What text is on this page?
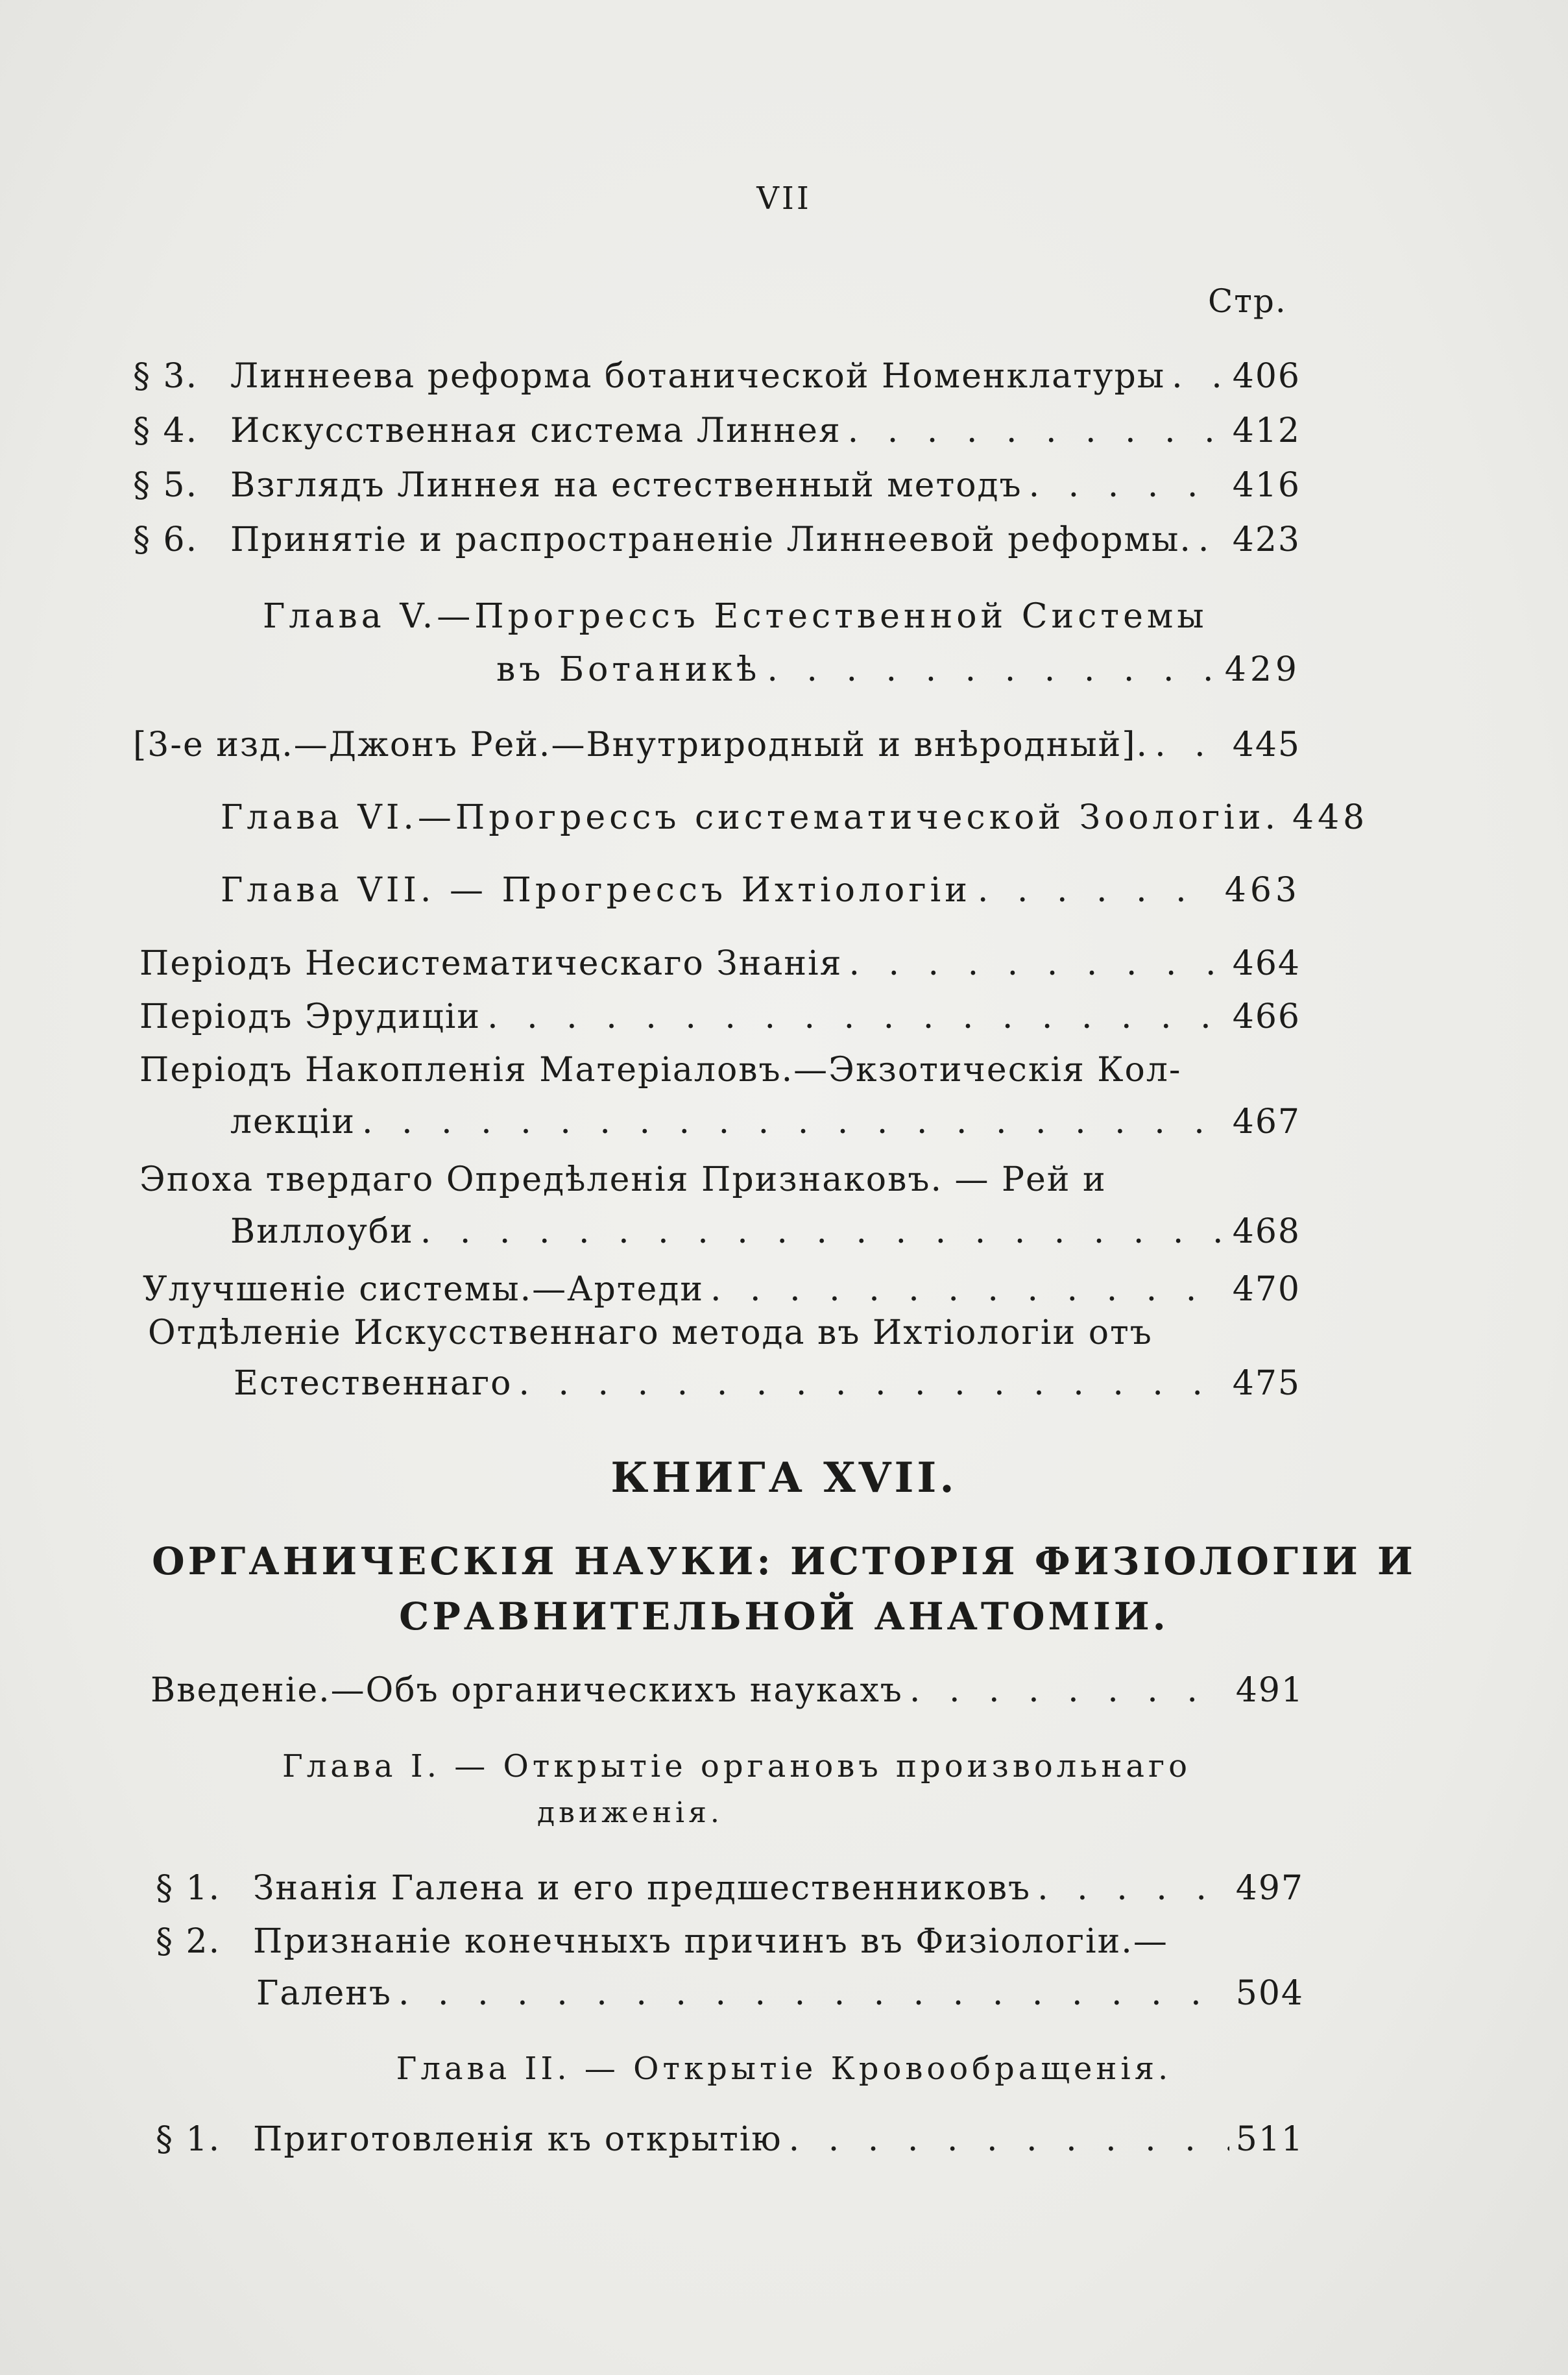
VII
Стр.
§ 3. Линнеева реформа ботанической Номенклатуры . . . 406
§ 4. Искусственная система Линнея . . .	412
§ 5. Взглядъ Линнея на естественный методъ . . .	416
§ 6. Принятіе и распространеніе Линнеевой реформы. . . . 423
Глава V.—Прогрессъ Естественной Системы
въ Ботаникѣ . . .	429
[3-е изд.—Джонъ Рей.—Внутриродный и внѣродный]. . . . 445
Глава VI.—Прогрессъ систематической Зоологіи. 448
Глава VII. — Прогрессъ Ихтіологіи . . .	463
Періодъ Несистематическаго Знанія . . .	464
Періодъ Эрудиціи . . .	466
Періодъ Накопленія Матеріаловъ.—Экзотическія Кол-
лекціи . . .	467
Эпоха твердаго Опредѣленія Признаковъ. — Рей и
Виллоуби . . .	468
Улучшеніе системы.—Артеди . . .	470
Отдѣленіе Искусственнаго метода въ Ихтіологіи отъ
Естественнаго . . .	475
КНИГА XVII.
ОРГАНИЧЕСКІЯ НАУКИ: ИСТОРІЯ ФИЗІОЛОГІИ И
СРАВНИТЕЛЬНОЙ АНАТОМІИ.
Введеніе.—Объ органическихъ наукахъ . . .	491
Глава I. — Открытіе органовъ произвольнаго
движенія.
§ 1. Знанія Галена и его предшественниковъ . . .	497
§ 2. Признаніе конечныхъ причинъ въ Физіологіи.—
Галенъ . . .	504
Глава II. — Открытіе Кровообращенія.
§ 1. Приготовленія къ открытію . . .	511
